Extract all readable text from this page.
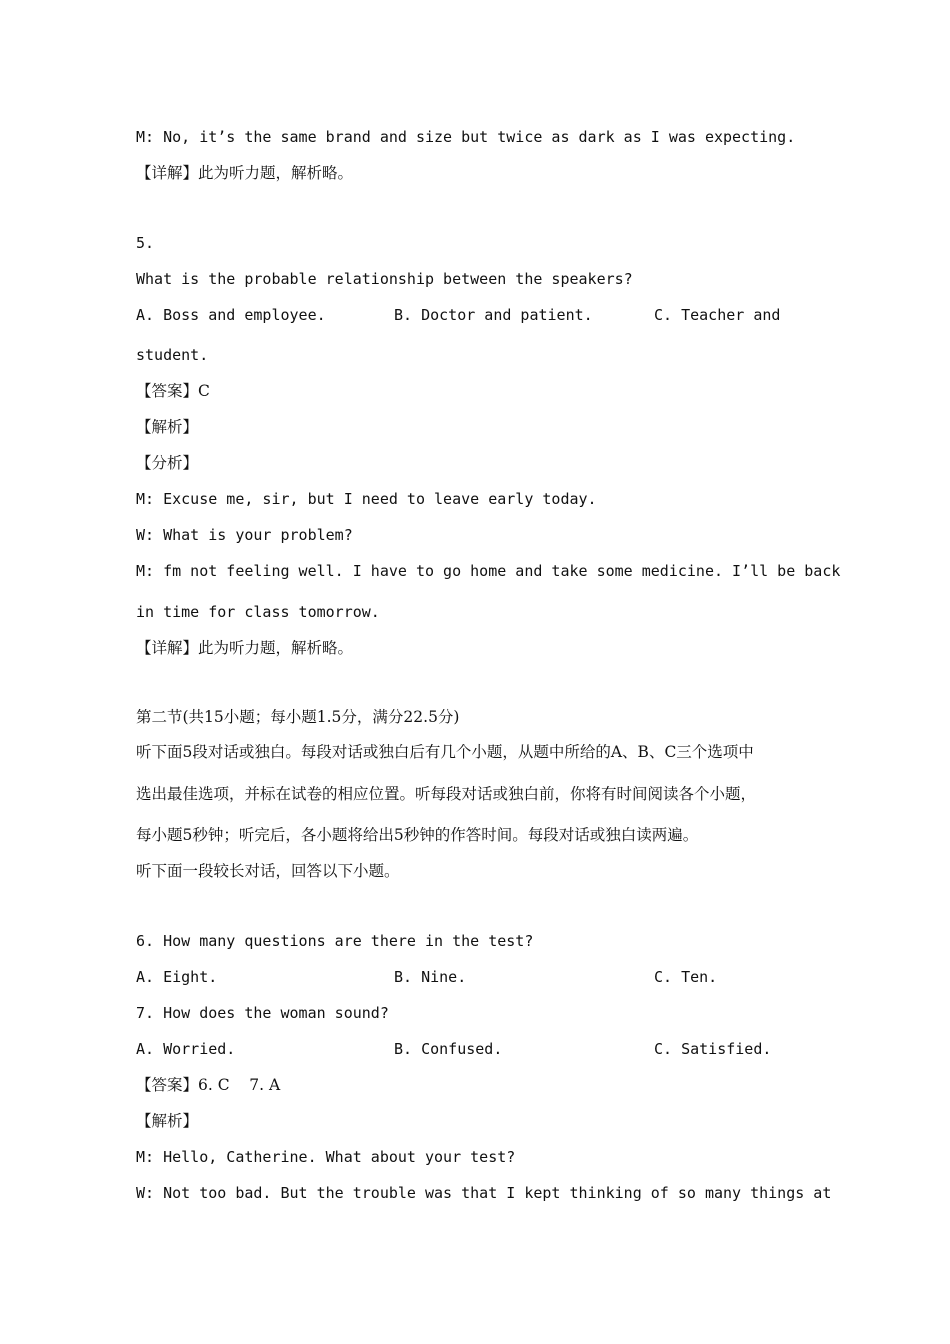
M: No, it’s the same brand and size but twice as dark as I was expecting.
【详解】此为听力题，解析略。
5.
What is the probable relationship between the speakers?
A. Boss and employee.	B. Doctor and patient.	C. Teacher and
student.
【答案】C
【解析】
【分析】
M: Excuse me, sir, but I need to leave early today.
W: What is your problem?
M: fm not feeling well. I have to go home and take some medicine. I’ll be back
in time for class tomorrow.
【详解】此为听力题，解析略。
第二节(共15小题；每小题1.5分，满分22.5分)
听下面5段对话或独白。每段对话或独白后有几个小题，从题中所给的A、B、C三个选项中
选出最佳选项，并标在试卷的相应位置。听每段对话或独白前，你将有时间阅读各个小题，
每小题5秒钟；听完后，各小题将给出5秒钟的作答时间。每段对话或独白读两遍。
听下面一段较长对话，回答以下小题。
6. How many questions are there in the test?
A. Eight.	B. Nine.	C. Ten.
7. How does the woman sound?
A. Worried.	B. Confused.	C. Satisfied.
【答案】6. C    7. A
【解析】
M: Hello, Catherine. What about your test?
W: Not too bad. But the trouble was that I kept thinking of so many things at
